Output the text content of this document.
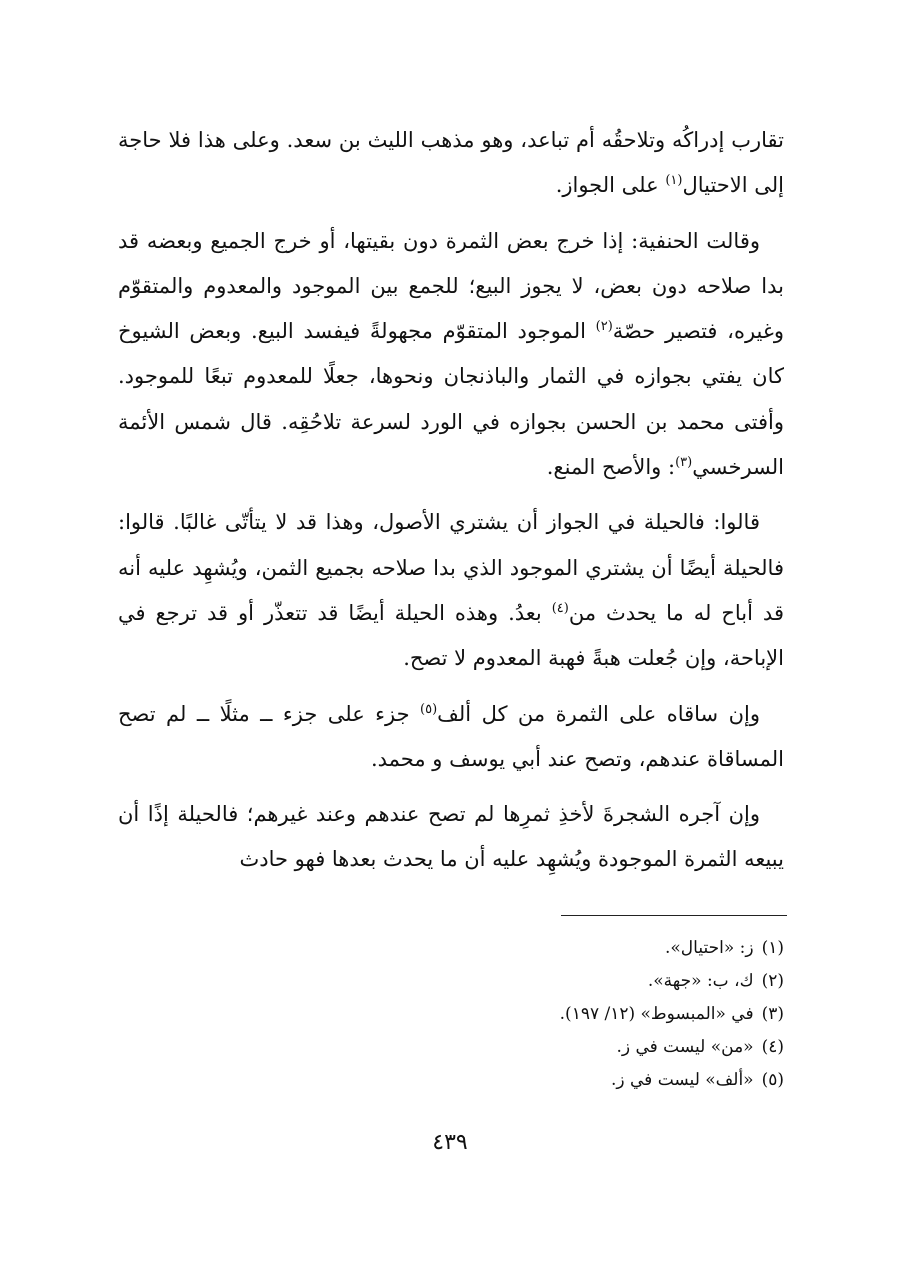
تقارب إدراكُه وتلاحقُه أم تباعد، وهو مذهب الليث بن سعد. وعلى هذا فلا حاجة إلى الاحتيال$^{(١)}$ على الجواز.

وقالت الحنفية: إذا خرج بعض الثمرة دون بقيتها، أو خرج الجميع وبعضه قد بدا صلاحه دون بعض، لا يجوز البيع؛ للجمع بين الموجود والمعدوم والمتقوّم وغيره، فتصير حصّة$^{(٢)}$ الموجود المتقوّم مجهولةً فيفسد البيع. وبعض الشيوخ كان يفتي بجوازه في الثمار والباذنجان ونحوها، جعلًا للمعدوم تبعًا للموجود. وأفتى محمد بن الحسن بجوازه في الورد لسرعة تلاحُقِه. قال شمس الأئمة السرخسي$^{(٣)}$: والأصح المنع.

قالوا: فالحيلة في الجواز أن يشتري الأصول، وهذا قد لا يتأتّى غالبًا. قالوا: فالحيلة أيضًا أن يشتري الموجود الذي بدا صلاحه بجميع الثمن، ويُشهِد عليه أنه قد أباح له ما يحدث من$^{(٤)}$ بعدُ. وهذه الحيلة أيضًا قد تتعذّر أو قد ترجع في الإباحة، وإن جُعلت هبةً فهبة المعدوم لا تصح.

وإن ساقاه على الثمرة من كل ألف$^{(٥)}$ جزء على جزء ــ مثلًا ــ لم تصح المساقاة عندهم، وتصح عند أبي يوسف و محمد.

وإن آجره الشجرةَ لأخذِ ثمرِها لم تصح عندهم وعند غيرهم؛ فالحيلة إذًا أن يبيعه الثمرة الموجودة ويُشهِد عليه أن ما يحدث بعدها فهو حادث

(١)ز: «احتيال».
(٢)ك، ب: «جهة».
(٣)في «المبسوط» (١٢/ ١٩٧).
(٤)«من» ليست في ز.
(٥)«ألف» ليست في ز.
٤٣٩
